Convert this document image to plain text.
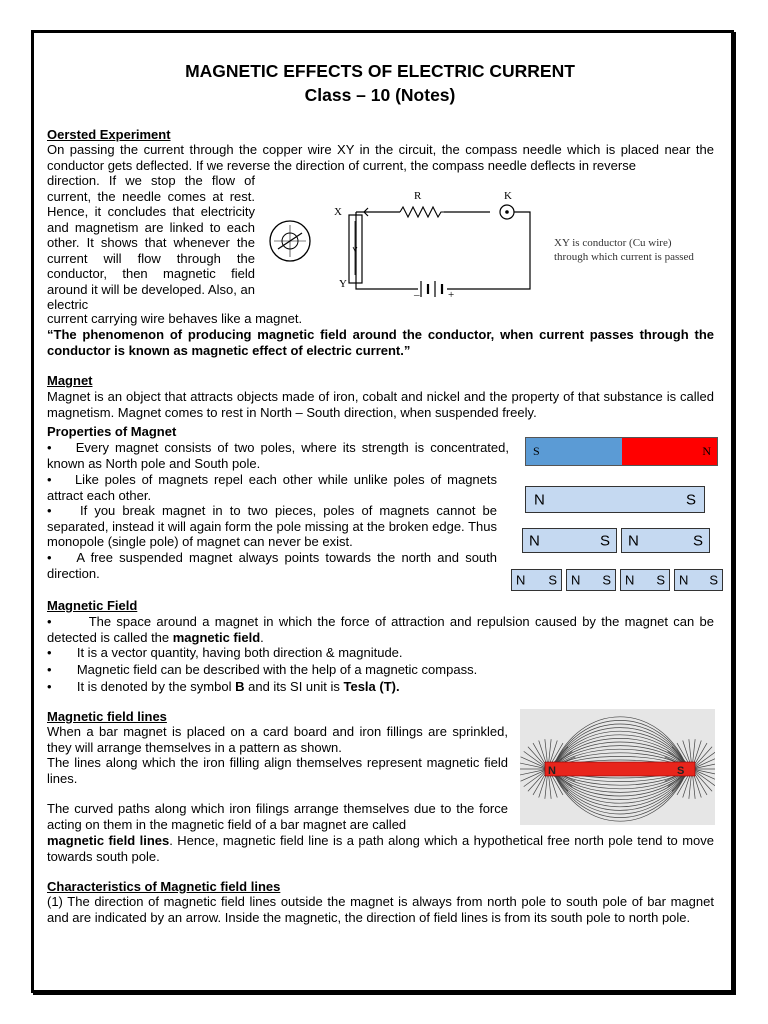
MAGNETIC EFFECTS OF ELECTRIC CURRENT
Class – 10 (Notes)
Oersted Experiment
On passing the current through the copper wire XY in the circuit, the compass needle which is placed near the conductor gets deflected. If we reverse the direction of current, the compass needle deflects in reverse
direction. If we stop the flow of current, the needle comes at rest. Hence, it concludes that electricity and magnetism are linked to each other. It shows that whenever the current will flow through the conductor, then magnetic field around it will be developed. Also, an electric
current carrying wire behaves like a magnet.
“The phenomenon of producing magnetic field around the conductor, when current passes through the conductor is known as magnetic effect of electric current.”
X
Y
R	K
–	+
XY is conductor (Cu wire)
through which current is passed
Magnet
Magnet is an object that attracts objects made of iron, cobalt and nickel and the property of that substance is called magnetism. Magnet comes to rest in North – South direction, when suspended freely.
Properties of Magnet
•    Every magnet consists of two poles, where its strength is concentrated, known as North pole and South pole.
•    Like poles of magnets repel each other while unlike poles of magnets attract each other.
•    If you break magnet in to two pieces, poles of magnets cannot be separated, instead it will again form the pole missing at the broken edge. Thus monopole (single pole) of magnet can never be exist.
•    A free suspended magnet always points towards the north and south direction.
S	N
N	S
N	S N	S
N S N S N S N S
Magnetic Field
•       The space around a magnet in which the force of attraction and repulsion caused by the magnet can be detected is called the magnetic field.
•       It is a vector quantity, having both direction & magnitude.
•       Magnetic field can be described with the help of a magnetic compass.
•       It is denoted by the symbol B and its SI unit is Tesla (T).
Magnetic field lines
When a bar magnet is placed on a card board and iron fillings are sprinkled, they will arrange themselves in a pattern as shown.
The lines along which the iron filling align themselves represent magnetic field lines.
The curved paths along which iron filings arrange themselves due to the force acting on them in the magnetic field of a bar magnet are called
magnetic field lines. Hence, magnetic field line is a path along which a hypothetical free north pole tend to move towards south pole.
N	S
Characteristics of Magnetic field lines
(1) The direction of magnetic field lines outside the magnet is always from north pole to south pole of bar magnet and are indicated by an arrow. Inside the magnetic, the direction of field lines is from its south pole to north pole.
